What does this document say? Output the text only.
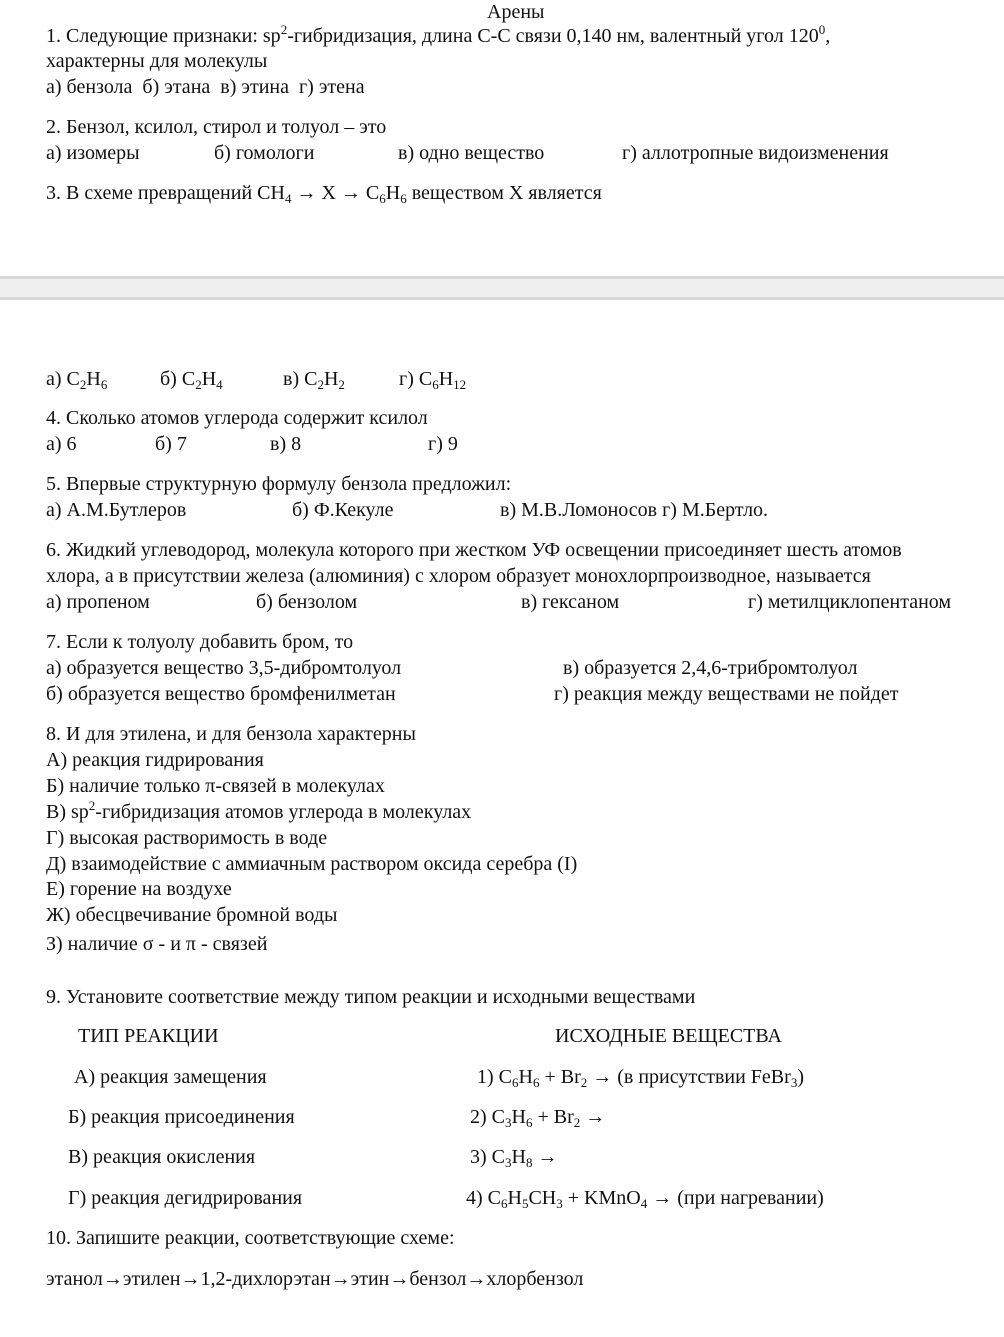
Арены
1. Следующие признаки: $sp^2$-гибридизация, длина С-С связи 0,140 нм, валентный угол $120^0$,
характерны для молекулы
а) бензола  б) этана  в) этина  г) этена
2. Бензол, ксилол, стирол и толуол – это
а) изомеры	б) гомологи	в) одно вещество	г) аллотропные видоизменения
3. В схеме превращений $СН_4 \to Х \to С_6Н_6$ веществом Х является
а) $С_2Н_6$	б) $С_2Н_4$	в) $С_2Н_2$	г) $С_6Н_{12}$
4. Сколько атомов углерода содержит ксилол
а) 6	б) 7	в) 8	г) 9
5. Впервые структурную формулу бензола предложил:
а) А.М.Бутлеров	б) Ф.Кекуле	в) М.В.Ломоносов г) М.Бертло.
6. Жидкий углеводород, молекула которого при жестком УФ освещении присоединяет шесть атомов
хлора, а в присутствии железа (алюминия) с хлором образует монохлорпроизводное, называется
а) пропеном	б) бензолом	в) гексаном	г) метилциклопентаном
7. Если к толуолу добавить бром, то
а) образуется вещество 3,5-дибромтолуол	в) образуется 2,4,6-трибромтолуол
б) образуется вещество бромфенилметан	г) реакция между веществами не пойдет
8. И для этилена, и для бензола характерны
А) реакция гидрирования
Б) наличие только π-связей в молекулах
В) $sp^2$-гибридизация атомов углерода в молекулах
Г) высокая растворимость в воде
Д) взаимодействие с аммиачным раствором оксида серебра (I)
Е) горение на воздухе
Ж) обесцвечивание бромной воды
З) наличие σ - и π - связей
9. Установите соответствие между типом реакции и исходными веществами
ТИП РЕАКЦИИ	ИСХОДНЫЕ ВЕЩЕСТВА
А) реакция замещения	1) $С_6Н_6 + Br_2 \to (в$ присутствии FeBr$_3$)
Б) реакция присоединения	2) $С_3Н_6 + Br_2$ →
В) реакция окисления	3) $С_3Н_8$ →
Г) реакция дегидрирования	4) $С_6Н_5СН_3$ + KMnO$_4$ → (при нагревании)
10. Запишите реакции, соответствующие схеме:
этанол→этилен→1,2-дихлорэтан→этин→бензол→хлорбензол
